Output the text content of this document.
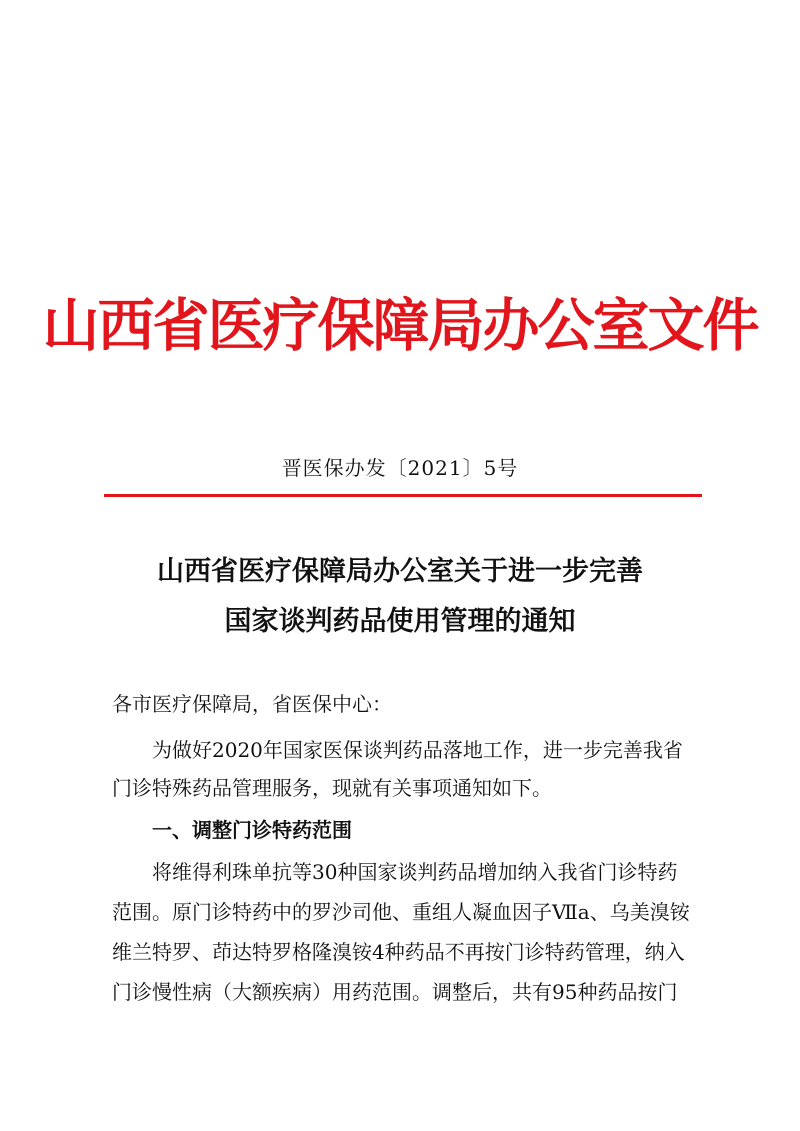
山西省医疗保障局办公室文件
晋医保办发〔2021〕5号
山西省医疗保障局办公室关于进一步完善
国家谈判药品使用管理的通知
各市医疗保障局，省医保中心：
为做好2020年国家医保谈判药品落地工作，进一步完善我省
门诊特殊药品管理服务，现就有关事项通知如下。
一、调整门诊特药范围
将维得利珠单抗等30种国家谈判药品增加纳入我省门诊特药
范围。原门诊特药中的罗沙司他、重组人凝血因子Ⅶa、乌美溴铵
维兰特罗、茚达特罗格隆溴铵4种药品不再按门诊特药管理，纳入
门诊慢性病（大额疾病）用药范围。调整后，共有95种药品按门
